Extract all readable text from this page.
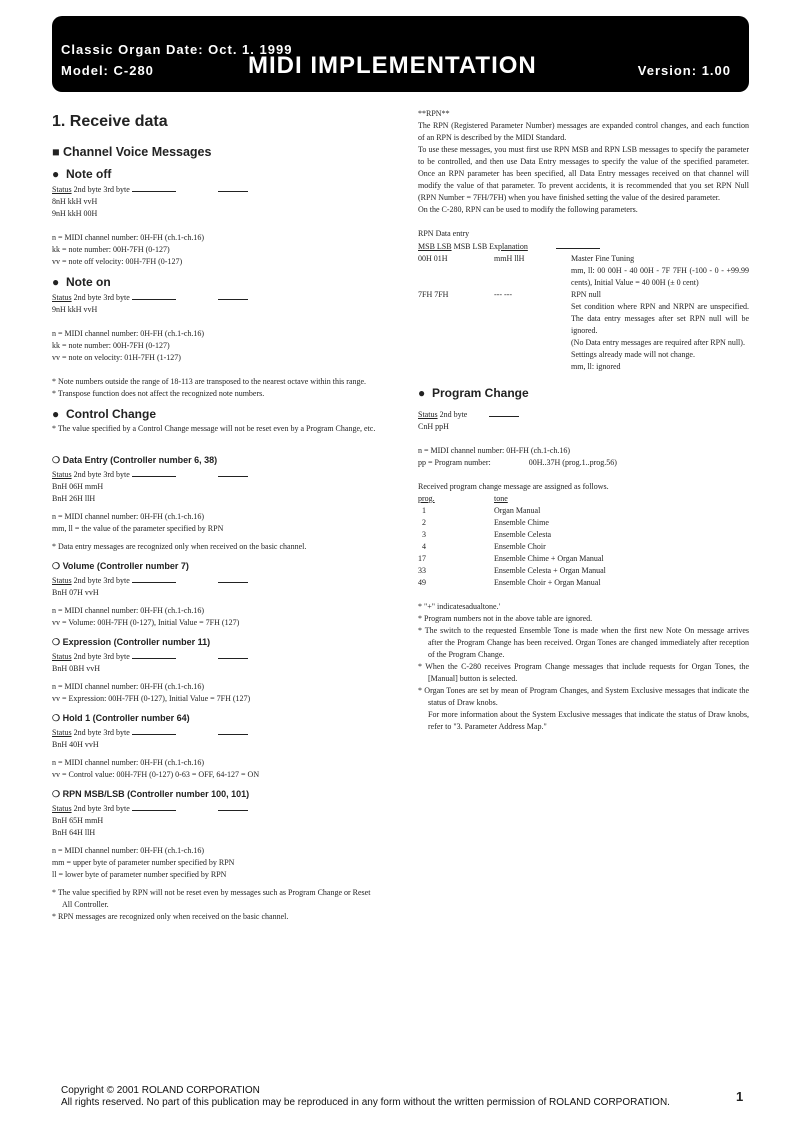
Classic Organ Date: Oct. 1. 1999
Model: C-280	MIDI IMPLEMENTATION	Version: 1.00
1. Receive data
■ Channel Voice Messages
● Note off

Status 2nd byte 3rd byte

8nH kkH vvH

9nH kkH 00H

n = MIDI channel number: 0H-FH (ch.1-ch.16)

kk = note number: 00H-7FH (0-127)

vv = note off velocity: 00H-7FH (0-127)

● Note on

Status 2nd byte 3rd byte

9nH kkH vvH

n = MIDI channel number: 0H-FH (ch.1-ch.16)

kk = note number: 00H-7FH (0-127)

vv = note on velocity: 01H-7FH (1-127)

* Note numbers outside the range of 18-113 are transposed to the nearest octave within this range.

* Transpose function does not affect the recognized note numbers.

● Control Change

* The value specified by a Control Change message will not be reset even by a Program Change, etc.

❍ Data Entry (Controller number 6, 38)

Status 2nd byte 3rd byte

BnH 06H mmH

BnH 26H llH

n = MIDI channel number: 0H-FH (ch.1-ch.16)

mm, ll = the value of the parameter specified by RPN

* Data entry messages are recognized only when received on the basic channel.

❍ Volume (Controller number 7)

Status 2nd byte 3rd byte

BnH 07H vvH

n = MIDI channel number: 0H-FH (ch.1-ch.16)

vv = Volume: 00H-7FH (0-127), Initial Value = 7FH (127)

❍ Expression (Controller number 11)

Status 2nd byte 3rd byte

BnH 0BH vvH

n = MIDI channel number: 0H-FH (ch.1-ch.16)

vv = Expression: 00H-7FH (0-127), Initial Value = 7FH (127)

❍ Hold 1 (Controller number 64)

Status 2nd byte 3rd byte

BnH 40H vvH

n = MIDI channel number: 0H-FH (ch.1-ch.16)

vv = Control value: 00H-7FH (0-127) 0-63 = OFF, 64-127 = ON

❍ RPN MSB/LSB (Controller number 100, 101)

Status 2nd byte 3rd byte

BnH 65H mmH

BnH 64H llH

n = MIDI channel number: 0H-FH (ch.1-ch.16)

mm = upper byte of parameter number specified by RPN

ll = lower byte of parameter number specified by RPN

* The value specified by RPN will not be reset even by messages such as Program Change or Reset All Controller.

* RPN messages are recognized only when received on the basic channel.

**RPN**

The RPN (Registered Parameter Number) messages are expanded control changes, and each function of an RPN is described by the MIDI Standard.

To use these messages, you must first use RPN MSB and RPN LSB messages to specify the parameter to be controlled, and then use Data Entry messages to specify the value of the specified parameter. Once an RPN parameter has been specified, all Data Entry messages received on that channel will modify the value of that parameter. To prevent accidents, it is recommended that you set RPN Null (RPN Number = 7FH/7FH) when you have finished setting the value of the desired parameter.

On the C-280, RPN can be used to modify the following parameters.

RPN Data entry

MSB LSB MSB LSB Explanation

00H 01H	mmH llH	Master Fine Tuning
mm, ll: 00 00H - 40 00H - 7F 7FH (-100 - 0 - +99.99 cents), Initial Value = 40 00H (± 0 cent)
7FH 7FH	--- ---	RPN null
Set condition where RPN and NRPN are unspecified. The data entry messages after set RPN null will be ignored.
(No Data entry messages are required after RPN null).
Settings already made will not change.
mm, ll: ignored
● Program Change

Status 2nd byte

CnH ppH

n = MIDI channel number: 0H-FH (ch.1-ch.16)

pp = Program number:	00H..37H (prog.1..prog.56)

Received program change message are assigned as follows.

prog.	tone
1	Organ Manual
2	Ensemble Chime
3	Ensemble Celesta
4	Ensemble Choir
17	Ensemble Chime + Organ Manual
33	Ensemble Celesta + Organ Manual
49	Ensemble Choir + Organ Manual

* "+" indicatesadualtone.'

* Program numbers not in the above table are ignored.

* The switch to the requested Ensemble Tone is made when the first new Note On message arrives after the Program Change has been received. Organ Tones are changed immediately after reception of the Program Change.

* When the C-280 receives Program Change messages that include requests for Organ Tones, the [Manual] button is selected.

* Organ Tones are set by mean of Program Changes, and System Exclusive messages that indicate the status of Draw knobs.

For more information about the System Exclusive messages that indicate the status of Draw knobs, refer to "3. Parameter Address Map."

Copyright © 2001 ROLAND CORPORATION
All rights reserved. No part of this publication may be reproduced in any form without the written permission of ROLAND CORPORATION.	1
